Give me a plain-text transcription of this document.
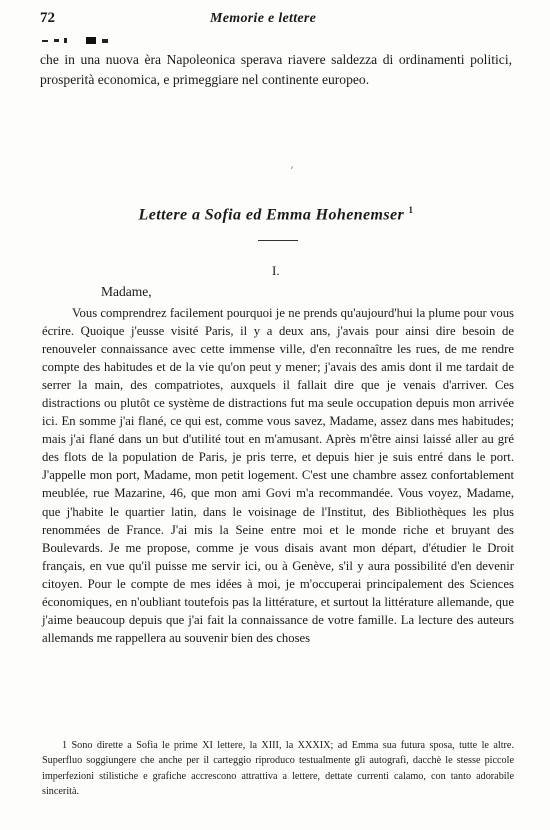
72	Memorie e lettere
che in una nuova èra Napoleonica sperava riavere saldezza di ordinamenti politici, prosperità economica, e primeggiare nel continente europeo.
ʼ
Lettere a Sofia ed Emma Hohenemser $^1$
I.
Madame,

Vous comprendrez facilement pourquoi je ne prends qu'aujourd'hui la plume pour vous écrire. Quoique j'eusse visité Paris, il y a deux ans, j'avais pour ainsi dire besoin de renouveler connaissance avec cette immense ville, d'en reconnaître les rues, de me rendre compte des habitudes et de la vie qu'on peut y mener; j'avais des amis dont il me tardait de serrer la main, des compatriotes, auxquels il fallait dire que je venais d'arriver. Ces distractions ou plutôt ce système de distractions fut ma seule occupation depuis mon arrivée ici. En somme j'ai flané, ce qui est, comme vous savez, Madame, assez dans mes habitudes; mais j'ai flané dans un but d'utilité tout en m'amusant. Après m'être ainsi laissé aller au gré des flots de la population de Paris, je pris terre, et depuis hier je suis entré dans le port. J'appelle mon port, Madame, mon petit logement. C'est une chambre assez confortablement meublée, rue Mazarine, 46, que mon ami Govi m'a recommandée. Vous voyez, Madame, que j'habite le quartier latin, dans le voisinage de l'Institut, des Bibliothèques les plus renommées de France. J'ai mis la Seine entre moi et le monde riche et bruyant des Boulevards. Je me propose, comme je vous disais avant mon départ, d'étudier le Droit français, en vue qu'il puisse me servir ici, ou à Genève, s'il y aura possibilité d'en devenir citoyen. Pour le compte de mes idées à moi, je m'occuperai principalement des Sciences économiques, en n'oubliant toutefois pas la littérature, et surtout la littérature allemande, que j'aime beaucoup depuis que j'ai fait la connaissance de votre famille. La lecture des auteurs allemands me rappellera au souvenir bien des choses

1 Sono dirette a Sofia le prime XI lettere, la XIII, la XXXIX; ad Emma sua futura sposa, tutte le altre. Superfluo soggiungere che anche per il carteggio riproduco testualmente gli autografi, dacchè le stesse piccole imperfezioni stilistiche e grafiche accrescono attrattiva a lettere, dettate currenti calamo, con tanto adorabile sincerità.
